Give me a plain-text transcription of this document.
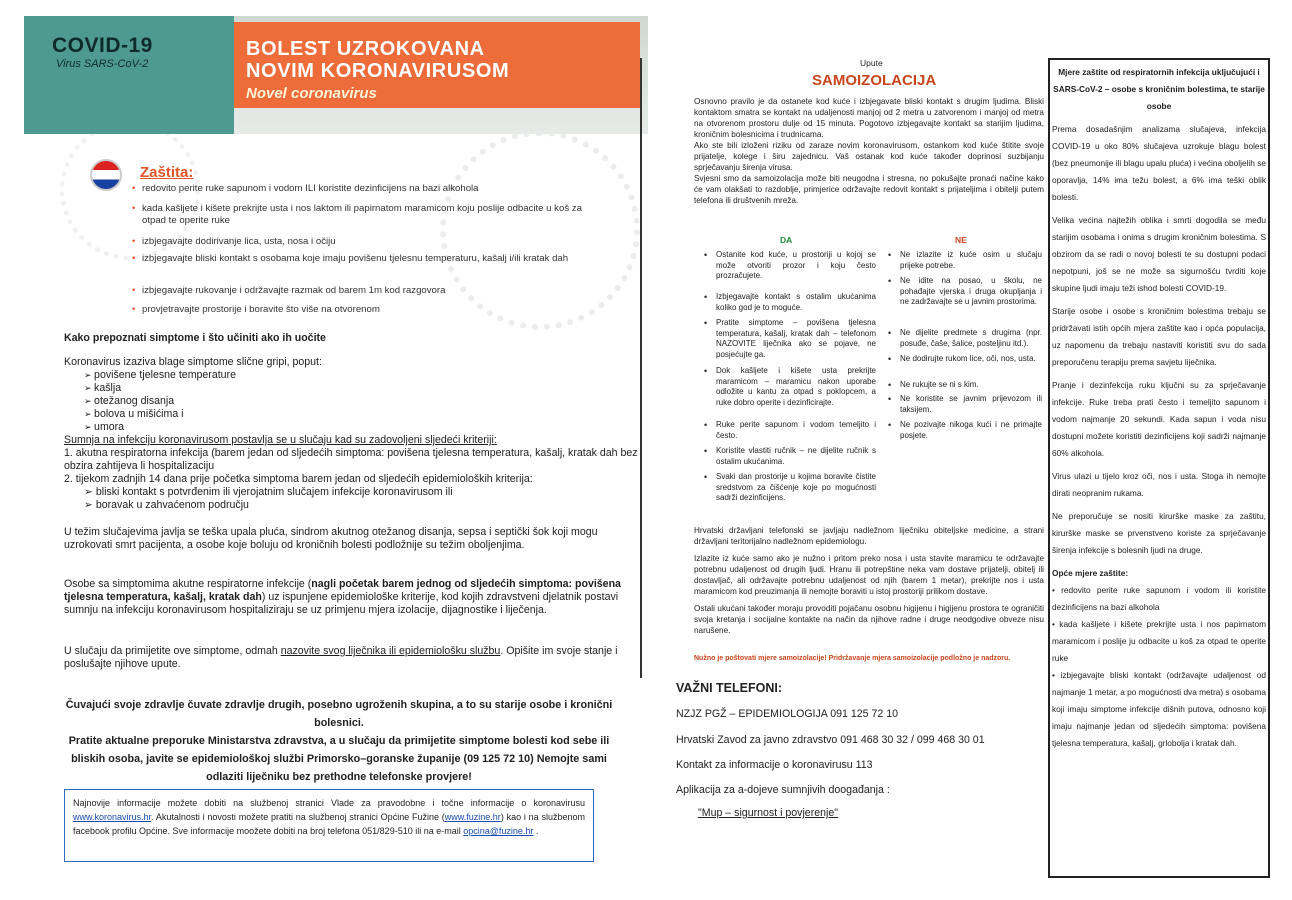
COVID-19
Virus SARS-CoV-2
BOLEST UZROKOVANA
NOVIM KORONAVIRUSOM
Novel coronavirus
Zaštita:
• redovito perite ruke sapunom i vodom ILI koristite dezinficijens na bazi alkohola
• kada kašljete i kišete prekrijte usta i nos laktom ili papirnatom maramicom koju poslije odbacite u koš za otpad te operite ruke
• izbjegavajte dodirivanje lica, usta, nosa i očiju
• izbjegavajte bliski kontakt s osobama koje imaju povišenu tjelesnu temperaturu, kašalj i/ili kratak dah
• izbjegavajte rukovanje i održavajte razmak od barem 1m kod razgovora
• provjetravajte prostorije i boravite što više na otvorenom
Kako prepoznati simptome i što učiniti ako ih uočite
Koronavirus izaziva blage simptome slične gripi, poput:
➢ povišene tjelesne temperature
➢ kašlja
➢ otežanog disanja
➢ bolova u mišićima i
➢ umora
Sumnja na infekciju koronavirusom postavlja se u slučaju kad su zadovoljeni sljedeći kriteriji:
1. akutna respiratorna infekcija (barem jedan od sljedećih simptoma: povišena tjelesna temperatura, kašalj, kratak dah bez obzira zahtijeva li hospitalizaciju
2. tijekom zadnjih 14 dana prije početka simptoma barem jedan od sljedećih epidemioloških kriterija:
➢ bliski kontakt s potvrđenim ili vjerojatnim slučajem infekcije koronavirusom ili
➢ boravak u zahvaćenom području
U težim slučajevima javlja se teška upala pluća, sindrom akutnog otežanog disanja, sepsa i septički šok koji mogu uzrokovati smrt pacijenta, a osobe koje boluju od kroničnih bolesti podložnije su težim oboljenjima.
Osobe sa simptomima akutne respiratorne infekcije (nagli početak barem jednog od sljedećih simptoma: povišena tjelesna temperatura, kašalj, kratak dah) uz ispunjene epidemiološke kriterije, kod kojih zdravstveni djelatnik postavi sumnju na infekciju koronavirusom hospitaliziraju se uz primjenu mjera izolacije, dijagnostike i liječenja.
U slučaju da primijetite ove simptome, odmah nazovite svog liječnika ili epidemiološku službu. Opišite im svoje stanje i poslušajte njihove upute.
Čuvajući svoje zdravlje čuvate zdravlje drugih, posebno ugroženih skupina, a to su starije osobe i kronični bolesnici.
Pratite aktualne preporuke Ministarstva zdravstva, a u slučaju da primijetite simptome bolesti kod sebe ili bliskih osoba, javite se epidemiološkoj službi Primorsko–goranske županije (09 125 72 10) Nemojte sami odlaziti liječniku bez prethodne telefonske provjere!
Najnovije informacije možete dobiti na službenoj stranici Vlade za pravodobne i točne informacije o koronavirusu www.koronavirus.hr. Akutalnosti i novosti možete pratiti na službenoj stranici Općine Fužine (www.fuzine.hr) kao i na službenom facebook profilu Općine. Sve informacije moožete dobiti na broj telefona 051/829-510 ili na e-mail opcina@fuzine.hr .
Upute
SAMOIZOLACIJA
Osnovno pravilo je da ostanete kod kuće i izbjegavate bliski kontakt s drugim ljudima. Bliski kontaktom smatra se kontakt na udaljenosti manjoj od 2 metra u zatvorenom i manjoj od metra na otvorenom prostoru dulje od 15 minuta. Pogotovo izbjegavajte kontakt sa starijim ljudima, kroničnim bolesnicima i trudnicama.
Ako ste bili izloženi riziku od zaraze novim koronavirusom, ostankom kod kuće štitite svoje prijatelje, kolege i širu zajednicu. Vaš ostanak kod kuće također doprinosi suzbijanju sprječavanju širenja virusa.
Svjesni smo da samoizolacija može biti neugodna i stresna, no pokušajte pronaći načine kako će vam olakšati to razdoblje, primjerice održavajte redovit kontakt s prijateljima i obitelji putem telefona ili društvenih mreža.
DA	NE
• Ostanite kod kuće, u prostoriji u kojoj se može otvoriti prozor i koju često prozračujete.
• Izbjegavajte kontakt s ostalim ukućanima koliko god je to moguće.
• Pratite simptome – povišena tjelesna temperatura, kašalj, kratak dah – telefonom NAZOVITE liječnika ako se pojave, ne posjećujte ga.
• Dok kašljete i kišete usta prekrijte maramicom – maramicu nakon uporabe odložite u kantu za otpad s poklopcem, a ruke dobro operite i dezinficirajte.
• Ruke perite sapunom i vodom temeljito i često.
• Koristite vlastiti ručnik – ne dijelite ručnik s ostalim ukućanima.
• Svaki dan prostorije u kojima boravite čistite sredstvom za čišćenje koje po mogućnosti sadrži dezinficijens.
• Ne izlazite iz kuće osim u slučaju prijeke potrebe.
• Ne idite na posao, u školu, ne pohađajte vjerska i druga okupljanja i ne zadržavajte se u javnim prostorima.
• Ne dijelite predmete s drugima (npr. posuđe, čaše, šalice, posteljinu itd.).
• Ne dodirujte rukom lice, oči, nos, usta.
• Ne rukujte se ni s kim.
• Ne koristite se javnim prijevozom ili taksijem.
• Ne pozivajte nikoga kući i ne primajte posjete.
Hrvatski državljani telefonski se javljaju nadležnom liječniku obiteljske medicine, a strani državljani teritorijalno nadležnom epidemiologu.
Izlazite iz kuće samo ako je nužno i pritom preko nosa i usta stavite maramicu te održavajte potrebnu udaljenost od drugih ljudi. Hranu ili potrepštine neka vam dostave prijatelji, obitelj ili dostavljač, ali održavajte potrebnu udaljenost od njih (barem 1 metar), prekrijte nos i usta maramicom kod preuzimanja ili nemojte boraviti u istoj prostoriji prilikom dostave.
Ostali ukućani također moraju provoditi pojačanu osobnu higijenu i higijenu prostora te ograničiti svoja kretanja i socijalne kontakte na način da njihove radne i druge neodgodive obveze nisu narušene.
Nužno je poštovati mjere samoizolacije! Pridržavanje mjera samoizolacije podložno je nadzoru.
VAŽNI TELEFONI:
NZJZ PGŽ – EPIDEMIOLOGIJA 091 125 72 10
Hrvatski Zavod za javno zdravstvo 091 468 30 32 / 099 468 30 01
Kontakt za informacije o koronavirusu 113
Aplikacija za a-dojeve sumnjivih doogađanja :
"Mup – sigurnost i povjerenje"

Mjere zaštite od respiratornih infekcija uključujući i SARS-CoV-2 – osobe s kroničnim bolestima, te starije osobe

Prema dosadašnjim analizama slučajeva, infekcija COVID-19 u oko 80% slučajeva uzrokuje blagu bolest (bez pneumonije ili blagu upalu pluća) i većina oboljelih se oporavlja, 14% ima težu bolest, a 6% ima teški oblik bolesti.

Velika većina najtežih oblika i smrti dogodila se među starijim osobama i onima s drugim kroničnim bolestima. S obzirom da se radi o novoj bolesti te su dostupni podaci nepotpuni, još se ne može sa sigurnošću tvrditi koje skupine ljudi imaju teži ishod bolesti COVID-19.

Starije osobe i osobe s kroničnim bolestima trebaju se pridržavati istih općih mjera zaštite kao i opća populacija, uz napomenu da trebaju nastaviti koristiti svu do sada preporučenu terapiju prema savjetu liječnika.

Pranje i dezinfekcija ruku ključni su za sprječavanje infekcije. Ruke treba prati često i temeljito sapunom i vodom najmanje 20 sekundi. Kada sapun i voda nisu dostupni možete koristiti dezinficijens koji sadrži najmanje 60% alkohola.

Virus ulazi u tijelo kroz oči, nos i usta. Stoga ih nemojte dirati neopranim rukama.

Ne preporučuje se nositi kirurške maske za zaštitu, kirurške maske se prvenstveno koriste za sprječavanje širenja infekcije s bolesnih ljudi na druge.

Opće mjere zaštite:

• redovito perite ruke sapunom i vodom ili koristite dezinficijens na bazi alkohola
• kada kašljete i kišete prekrijte usta i nos papirnatom maramicom i poslije ju odbacite u koš za otpad te operite ruke
• izbjegavajte bliski kontakt (održavajte udaljenost od najmanje 1 metar, a po mogućnosti dva metra) s osobama koji imaju simptome infekcije dišnih putova, odnosno koji imaju najmanje jedan od sljedećih simptoma: povišena tjelesna temperatura, kašalj, grlobolja i kratak dah.
